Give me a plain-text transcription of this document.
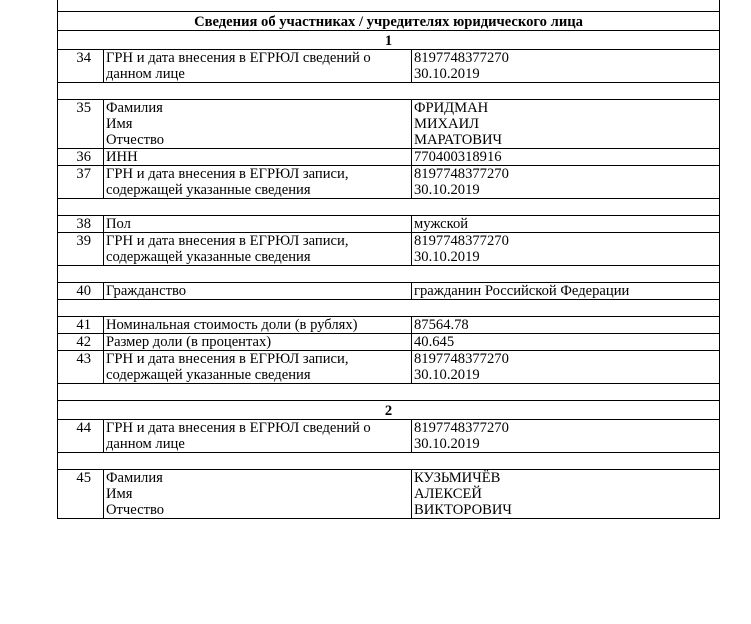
Сведения об участниках / учредителях юридического лица		
1		
34	ГРН и дата внесения в ЕГРЮЛ сведений о
данном лице	8197748377270
30.10.2019

35	Фамилия
Имя
Отчество	ФРИДМАН
МИХАИЛ
МАРАТОВИЧ

36	ИНН	770400318916
37	ГРН и дата внесения в ЕГРЮЛ записи,
содержащей указанные сведения	8197748377270
30.10.2019

38	Пол	мужской
39	ГРН и дата внесения в ЕГРЮЛ записи,
содержащей указанные сведения	8197748377270
30.10.2019

40	Гражданство	гражданин Российской Федерации

41	Номинальная стоимость доли (в рублях)	87564.78
42	Размер доли (в процентах)	40.645
43	ГРН и дата внесения в ЕГРЮЛ записи,
содержащей указанные сведения	8197748377270
30.10.2019

2		
44	ГРН и дата внесения в ЕГРЮЛ сведений о
данном лице	8197748377270
30.10.2019

45	Фамилия
Имя
Отчество	КУЗЬМИЧЁВ
АЛЕКСЕЙ
ВИКТОРОВИЧ
